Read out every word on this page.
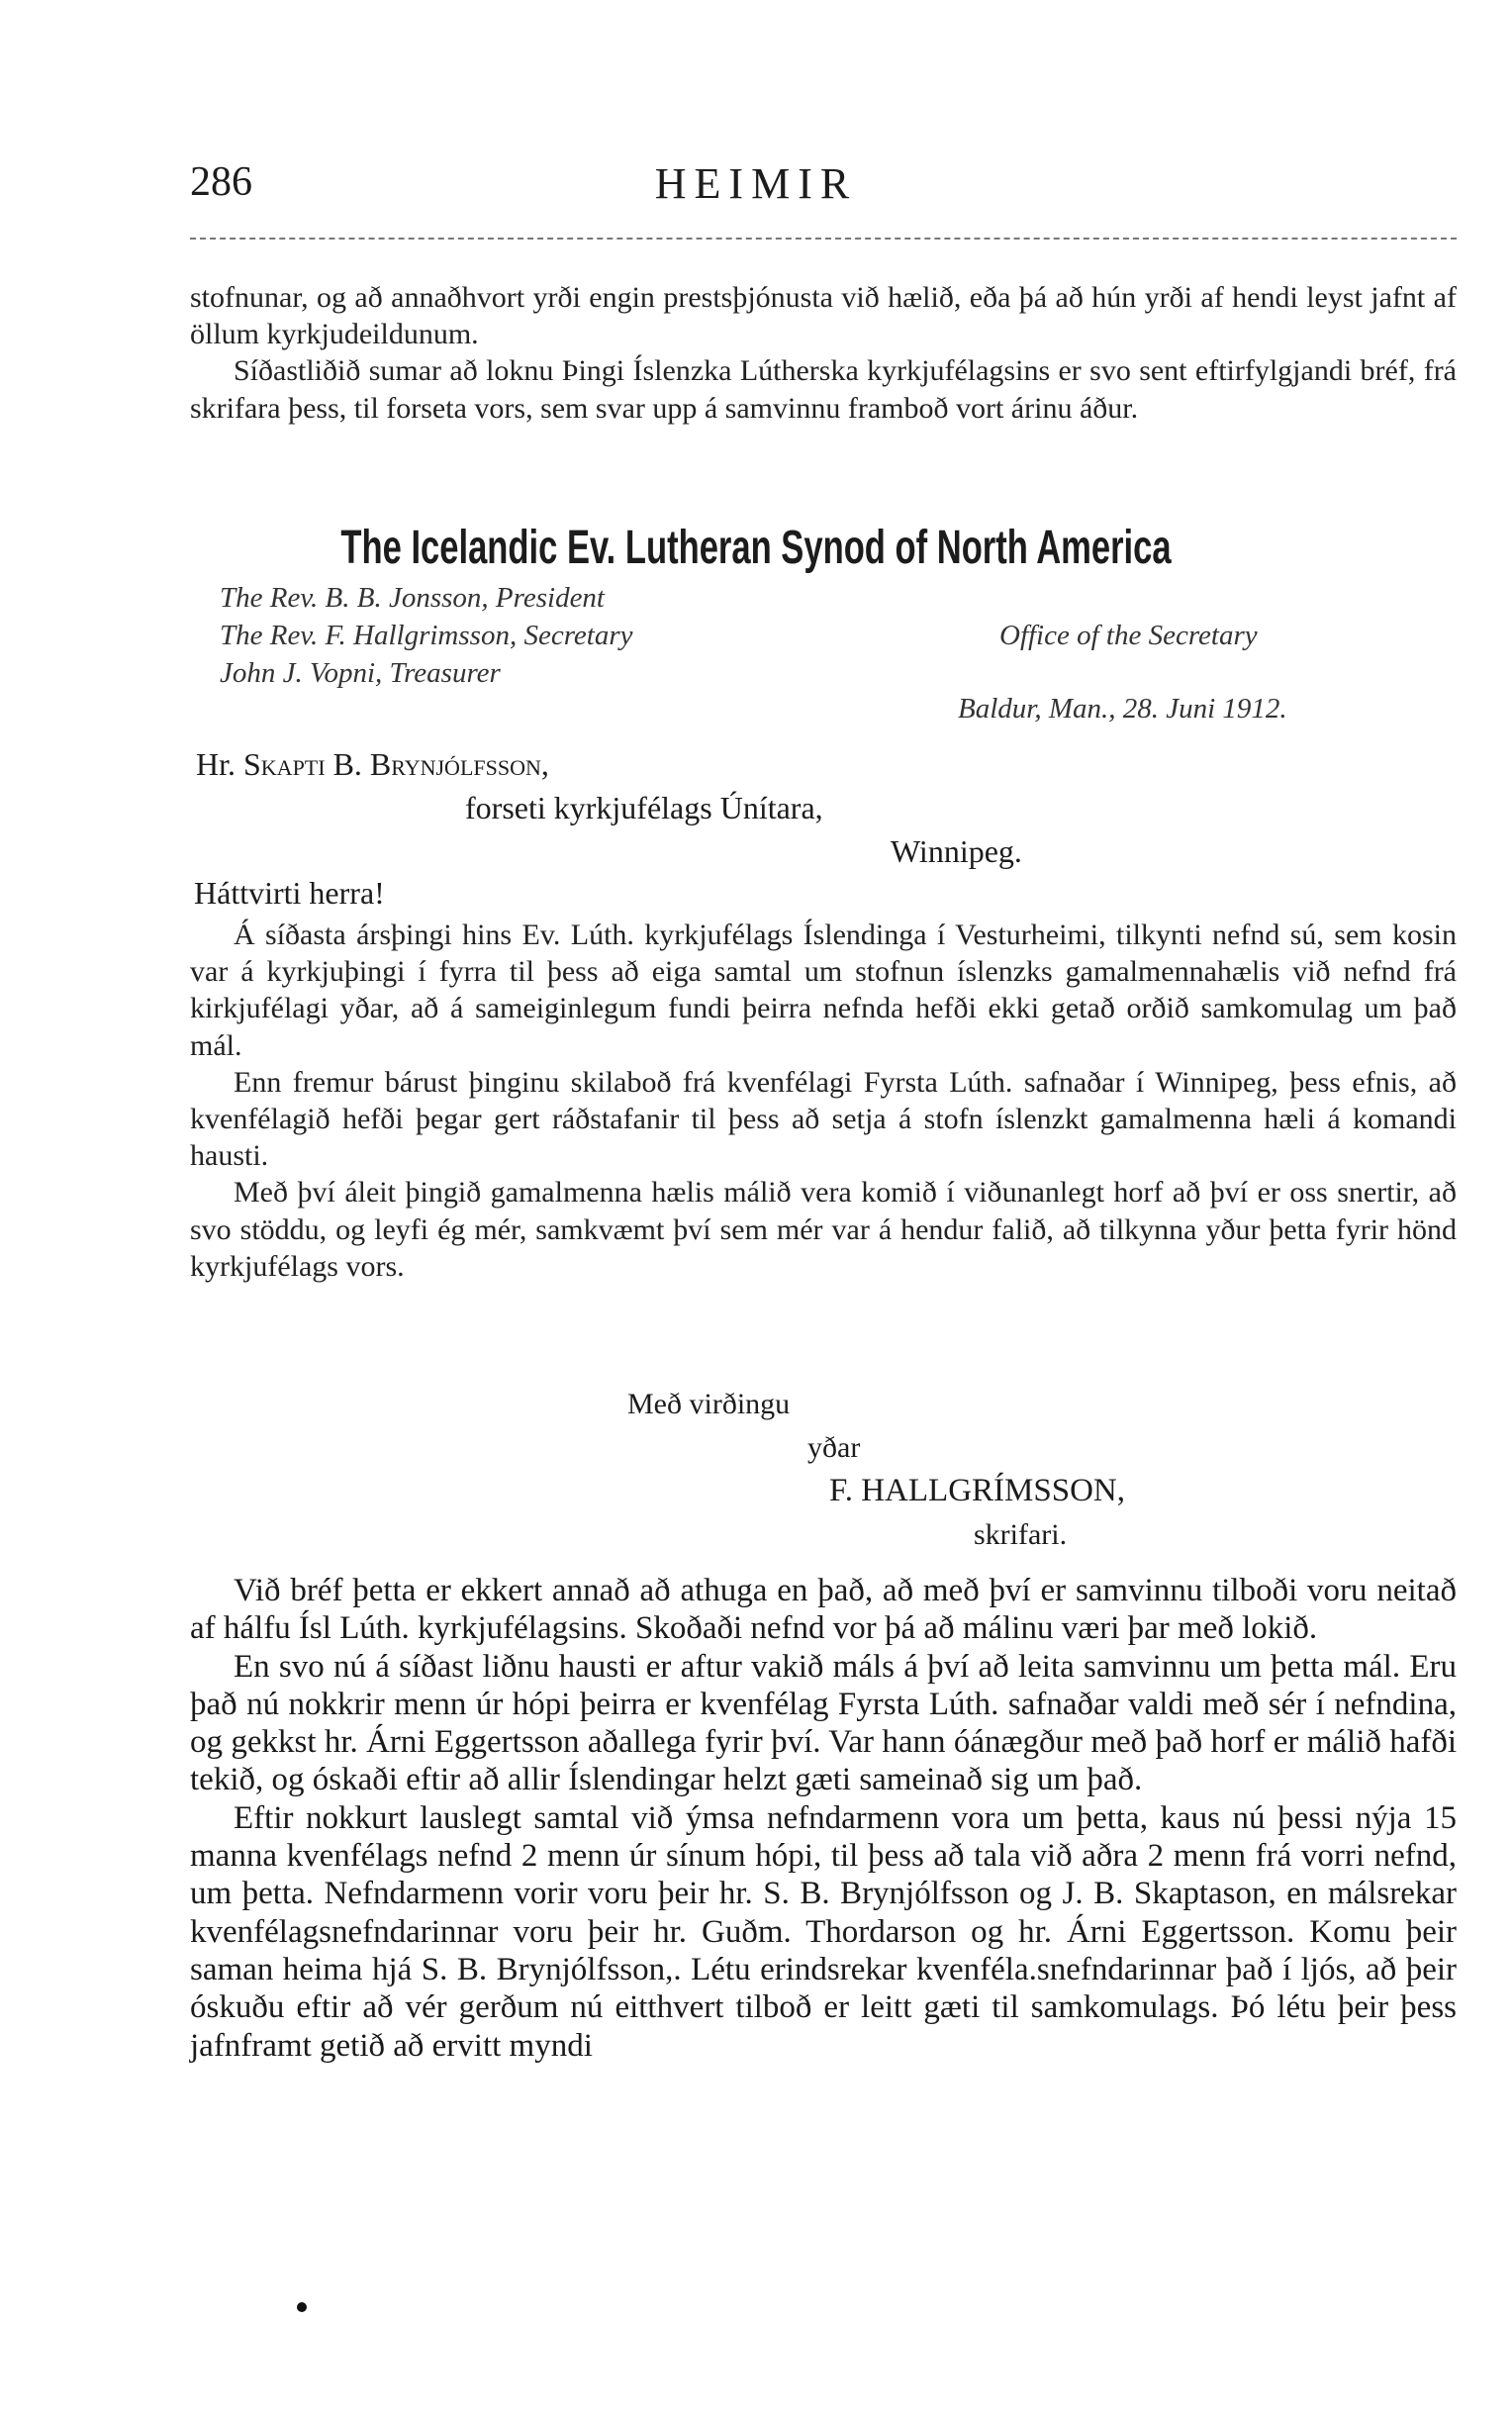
286	HEIMIR

stofnunar, og að annaðhvort yrði engin prestsþjónusta við hælið, eða þá að hún yrði af hendi leyst jafnt af öllum kyrkjudeildunum.

Síðastliðið sumar að loknu Þingi Íslenzka Lútherska kyrkjufélagsins er svo sent eftirfylgjandi bréf, frá skrifara þess, til forseta vors, sem svar upp á samvinnu framboð vort árinu áður.

The Icelandic Ev. Lutheran Synod of North America
The Rev. B. B. Jonsson, President
The Rev. F. Hallgrimsson, Secretary
John J. Vopni, Treasurer
Office of the Secretary
Baldur, Man., 28. Juni 1912.
Hr. Skapti B. Brynjólfsson,
forseti kyrkjufélags Únítara,
Winnipeg.
Háttvirti herra!

Á síðasta ársþingi hins Ev. Lúth. kyrkjufélags Íslendinga í Vesturheimi, tilkynti nefnd sú, sem kosin var á kyrkjuþingi í fyrra til þess að eiga samtal um stofnun íslenzks gamalmennahælis við nefnd frá kirkjufélagi yðar, að á sameiginlegum fundi þeirra nefnda hefði ekki getað orðið samkomulag um það mál.

Enn fremur bárust þinginu skilaboð frá kvenfélagi Fyrsta Lúth. safnaðar í Winnipeg, þess efnis, að kvenfélagið hefði þegar gert ráðstafanir til þess að setja á stofn íslenzkt gamalmenna hæli á komandi hausti.

Með því áleit þingið gamalmenna hælis málið vera komið í viðunanlegt horf að því er oss snertir, að svo stöddu, og leyfi ég mér, samkvæmt því sem mér var á hendur falið, að tilkynna yður þetta fyrir hönd kyrkjufélags vors.

Með virðingu
yðar
F. HALLGRÍMSSON,
skrifari.

Við bréf þetta er ekkert annað að athuga en það, að með því er samvinnu tilboði voru neitað af hálfu Ísl Lúth. kyrkjufélagsins. Skoðaði nefnd vor þá að málinu væri þar með lokið.

En svo nú á síðast liðnu hausti er aftur vakið máls á því að leita samvinnu um þetta mál. Eru það nú nokkrir menn úr hópi þeirra er kvenfélag Fyrsta Lúth. safnaðar valdi með sér í nefndina, og gekkst hr. Árni Eggertsson aðallega fyrir því. Var hann óánægður með það horf er málið hafði tekið, og óskaði eftir að allir Íslendingar helzt gæti sameinað sig um það.

Eftir nokkurt lauslegt samtal við ýmsa nefndarmenn vora um þetta, kaus nú þessi nýja 15 manna kvenfélags nefnd 2 menn úr sínum hópi, til þess að tala við aðra 2 menn frá vorri nefnd, um þetta. Nefndarmenn vorir voru þeir hr. S. B. Brynjólfsson og J. B. Skaptason, en málsrekar kvenfélagsnefndarinnar voru þeir hr. Guðm. Thordarson og hr. Árni Eggertsson. Komu þeir saman heima hjá S. B. Brynjólfsson,. Létu erindsrekar kvenféla.snefndarinnar það í ljós, að þeir óskuðu eftir að vér gerðum nú eitthvert tilboð er leitt gæti til samkomulags. Þó létu þeir þess jafnframt getið að ervitt myndi
